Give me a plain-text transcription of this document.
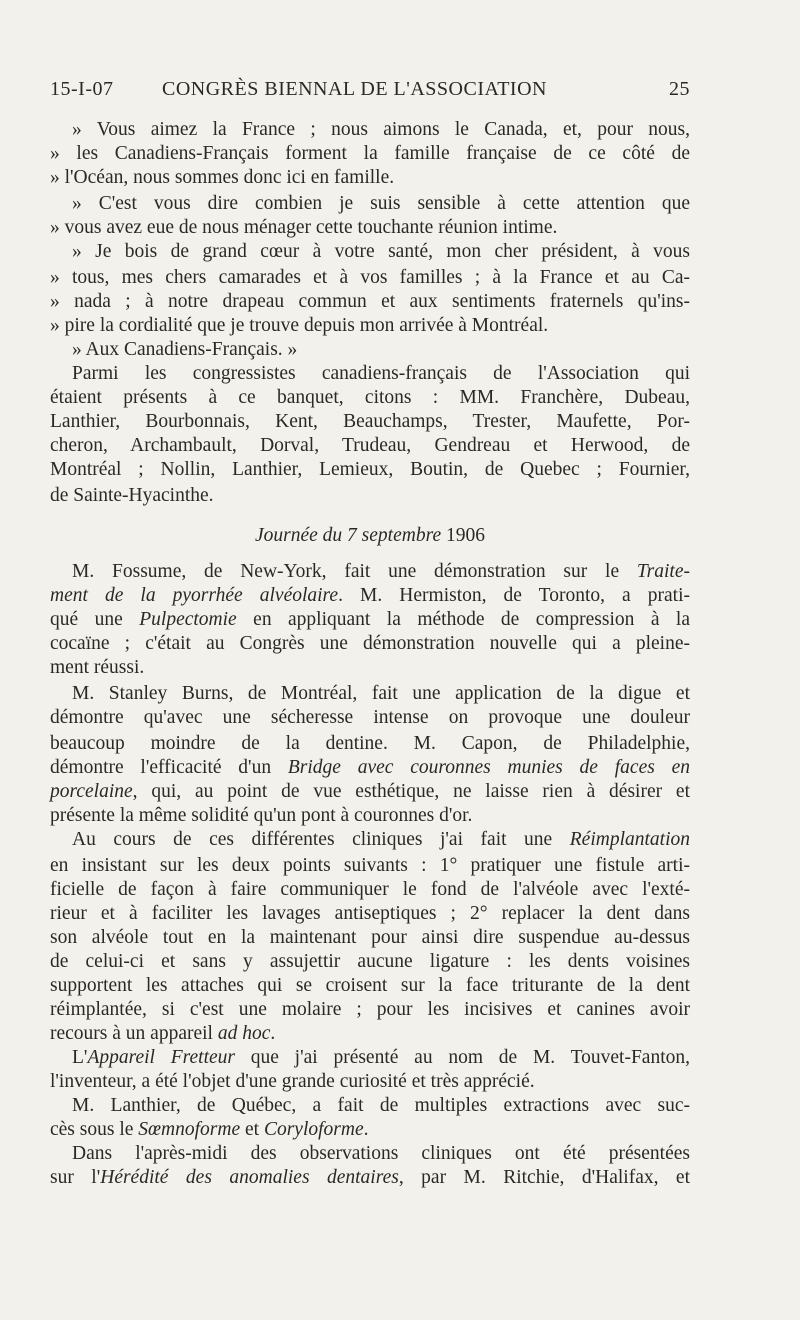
15-I-07 CONGRÈS BIENNAL DE L'ASSOCIATION	25
» Vous aimez la France ; nous aimons le Canada, et, pour nous,
» les Canadiens-Français forment la famille française de ce côté de
» l'Océan, nous sommes donc ici en famille.
» C'est vous dire combien je suis sensible à cette attention que
» vous avez eue de nous ménager cette touchante réunion intime.
» Je bois de grand cœur à votre santé, mon cher président, à vous
» tous, mes chers camarades et à vos familles ; à la France et au Ca-
» nada ; à notre drapeau commun et aux sentiments fraternels qu'ins-
» pire la cordialité que je trouve depuis mon arrivée à Montréal.
» Aux Canadiens-Français. »
Parmi les congressistes canadiens-français de l'Association qui
étaient présents à ce banquet, citons : MM. Franchère, Dubeau,
Lanthier, Bourbonnais, Kent, Beauchamps, Trester, Maufette, Por-
cheron, Archambault, Dorval, Trudeau, Gendreau et Herwood, de
Montréal ; Nollin, Lanthier, Lemieux, Boutin, de Quebec ; Fournier,
de Sainte-Hyacinthe.
Journée du 7 septembre 1906
M. Fossume, de New-York, fait une démonstration sur le Traite-
ment de la pyorrhée alvéolaire. M. Hermiston, de Toronto, a prati-
qué une Pulpectomie en appliquant la méthode de compression à la
cocaïne ; c'était au Congrès une démonstration nouvelle qui a pleine-
ment réussi.
M. Stanley Burns, de Montréal, fait une application de la digue et
démontre qu'avec une sécheresse intense on provoque une douleur
beaucoup moindre de la dentine. M. Capon, de Philadelphie,
démontre l'efficacité d'un Bridge avec couronnes munies de faces en
porcelaine, qui, au point de vue esthétique, ne laisse rien à désirer et
présente la même solidité qu'un pont à couronnes d'or.
Au cours de ces différentes cliniques j'ai fait une Réimplantation
en insistant sur les deux points suivants : 1° pratiquer une fistule arti-
ficielle de façon à faire communiquer le fond de l'alvéole avec l'exté-
rieur et à faciliter les lavages antiseptiques ; 2° replacer la dent dans
son alvéole tout en la maintenant pour ainsi dire suspendue au-dessus
de celui-ci et sans y assujettir aucune ligature : les dents voisines
supportent les attaches qui se croisent sur la face triturante de la dent
réimplantée, si c'est une molaire ; pour les incisives et canines avoir
recours à un appareil ad hoc.
L'Appareil Fretteur que j'ai présenté au nom de M. Touvet-Fanton,
l'inventeur, a été l'objet d'une grande curiosité et très apprécié.
M. Lanthier, de Québec, a fait de multiples extractions avec suc-
cès sous le Sœmnoforme et Coryloforme.
Dans l'après-midi des observations cliniques ont été présentées
sur l'Hérédité des anomalies dentaires, par M. Ritchie, d'Halifax, et
